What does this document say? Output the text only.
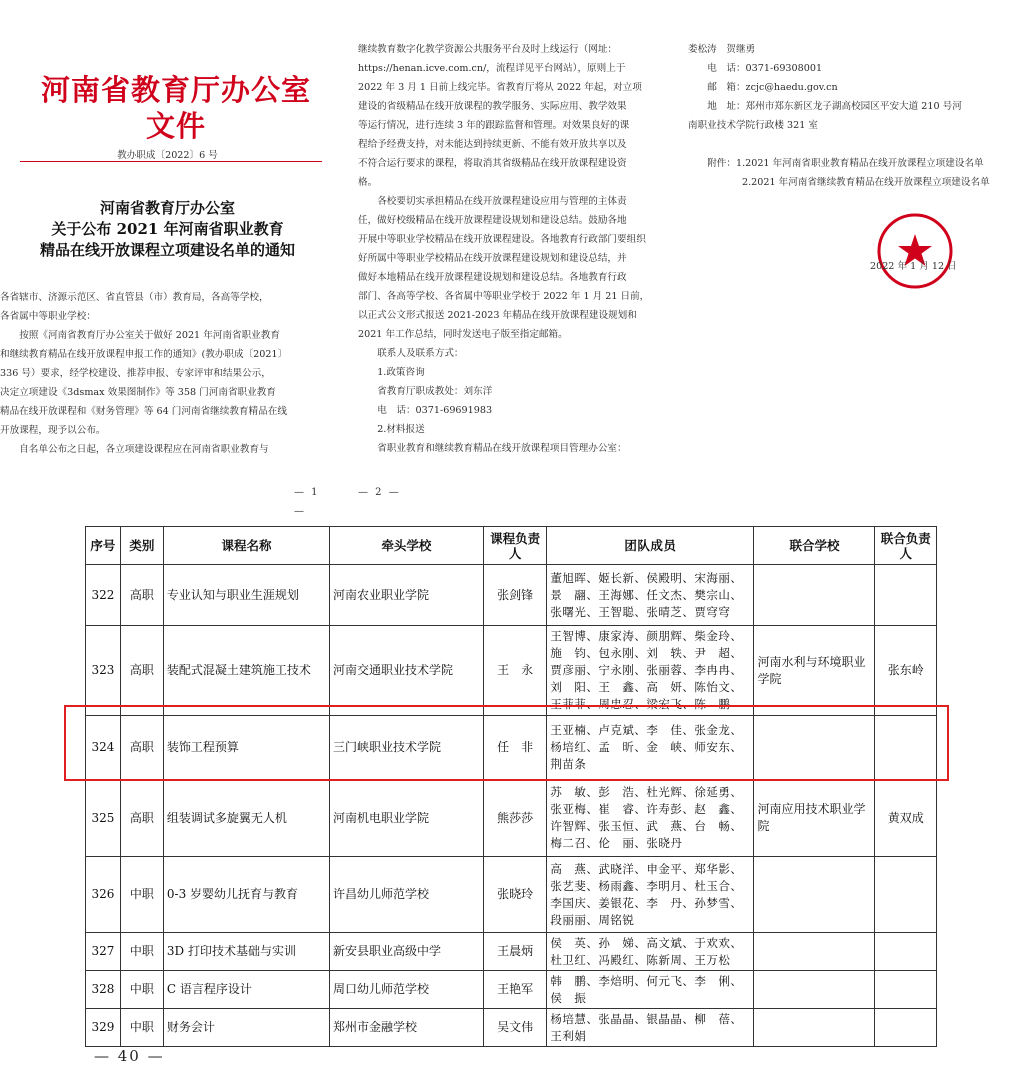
河南省教育厅办公室文件
教办职成〔2022〕6 号
河南省教育厅办公室
关于公布 2021 年河南省职业教育
精品在线开放课程立项建设名单的通知
各省辖市、济源示范区、省直管县（市）教育局，各高等学校，
各省属中等职业学校：
按照《河南省教育厅办公室关于做好 2021 年河南省职业教育
和继续教育精品在线开放课程申报工作的通知》(教办职成〔2021〕
336 号）要求，经学校建设、推荐申报、专家评审和结果公示，
决定立项建设《3dsmax 效果图制作》等 358 门河南省职业教育
精品在线开放课程和《财务管理》等 64 门河南省继续教育精品在线
开放课程，现予以公布。
自名单公布之日起，各立项建设课程应在河南省职业教育与
— 1 —
继续教育数字化教学资源公共服务平台及时上线运行（网址：
https://henan.icve.com.cn/，流程详见平台网站），原则上于
2022 年 3 月 1 日前上线完毕。省教育厅将从 2022 年起，对立项
建设的省级精品在线开放课程的教学服务、实际应用、教学效果
等运行情况，进行连续 3 年的跟踪监督和管理。对效果良好的课
程给予经费支持，对未能达到持续更新、不能有效开放共享以及
不符合运行要求的课程，将取消其省级精品在线开放课程建设资
格。
各校要切实承担精品在线开放课程建设应用与管理的主体责
任，做好校级精品在线开放课程建设规划和建设总结。鼓励各地
开展中等职业学校精品在线开放课程建设。各地教育行政部门要组织
好所属中等职业学校精品在线开放课程建设规划和建设总结，并
做好本地精品在线开放课程建设规划和建设总结。各地教育行政
部门、各高等学校、各省属中等职业学校于 2022 年 1 月 21 日前，
以正式公文形式报送 2021-2023 年精品在线开放课程建设规划和
2021 年工作总结，同时发送电子版至指定邮箱。
联系人及联系方式：
1.政策咨询
省教育厅职成教处：刘东洋
电　话：0371-69691983
2.材料报送
省职业教育和继续教育精品在线开放课程项目管理办公室：
— 2 —
娄松涛　贺继勇
电　话：0371-69308001
邮　箱：zcjc@haedu.gov.cn
地　址：郑州市郑东新区龙子湖高校园区平安大道 210 号河
南职业技术学院行政楼 321 室
附件：1.2021 年河南省职业教育精品在线开放课程立项建设名单
2.2021 年河南省继续教育精品在线开放课程立项建设名单
2022 年 1 月 12 日
序号	类别	课程名称	牵头学校	课程负责人	团队成员	联合学校	联合负责人
322	高职	专业认知与职业生涯规划	河南农业职业学院	张剑锋	董旭晖、姬长新、侯殿明、宋海丽、
景　翮、王海娜、任文杰、樊宗山、
张曙光、王智聪、张晴芝、贾穹穹		

323	高职	装配式混凝土建筑施工技术	河南交通职业技术学院	王　永	王智博、康家涛、颜朋辉、柴金玲、
施　钧、包永刚、刘　轶、尹　超、
贾彦丽、宁永刚、张丽蓉、李冉冉、
刘　阳、王　鑫、高　妍、陈怡文、
王菲菲、周忠忍、梁宏飞、陈　鹏	河南水利与环境职业学院	张东岭
324	高职	装饰工程预算	三门峡职业技术学院	任　非	王亚楠、卢克斌、李　佳、张金龙、
杨培红、孟　昕、金　峡、师安东、
荆苗条		

325	高职	组装调试多旋翼无人机	河南机电职业学院	熊莎莎	苏　敏、彭　浩、杜光辉、徐延勇、
张亚梅、崔　睿、许寿彭、赵　鑫、
许智辉、张玉恒、武　燕、台　畅、
梅二召、伦　丽、张晓丹	河南应用技术职业学院	黄双成
326	中职	0-3 岁婴幼儿抚育与教育	许昌幼儿师范学校	张晓玲	高　燕、武晓洋、申金平、郑华影、
张艺斐、杨雨鑫、李明月、杜玉合、
李国庆、姜银花、李　丹、孙梦雪、
段丽丽、周铭锐		

327	中职	3D 打印技术基础与实训	新安县职业高级中学	王晨炳	侯　英、孙　娣、高文斌、于欢欢、
杜卫红、冯殿红、陈新周、王万松		

328	中职	C 语言程序设计	周口幼儿师范学校	王艳军	韩　鹏、李焙明、何元飞、李　俐、
侯　振		

329	中职	财务会计	郑州市金融学校	吴文伟	杨培慧、张晶晶、银晶晶、柳　蓓、
王利娟		

— 40 —
